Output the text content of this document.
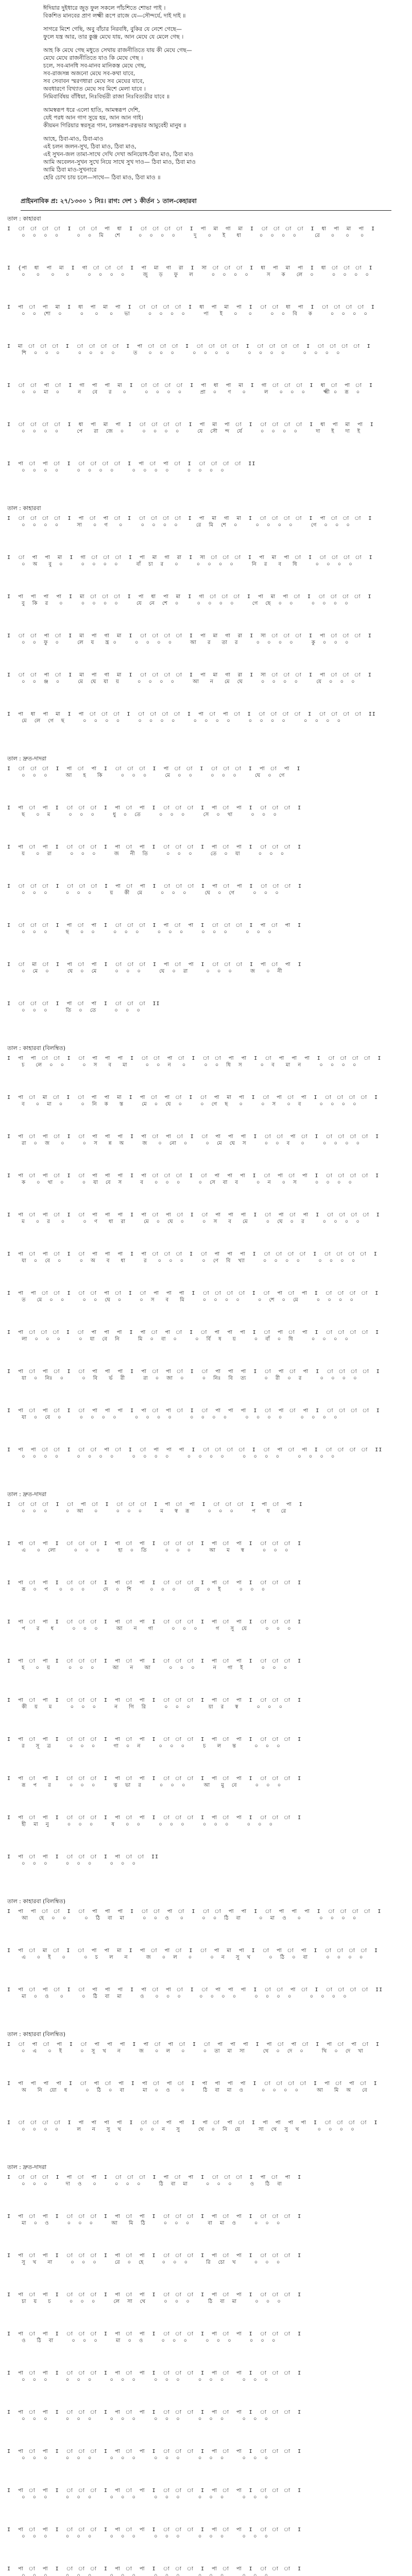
ঈদিয়ার দুইধারে জুড় ফুল সকলে পাঁচশিতে শোভা পাই ।

বিকশিত মানবের প্রাণ লক্ষ্মী রূপে রাজে যে—সৌন্দর্যে, দাই দাই ॥

সাগরে মিশে গেছি, অবু বাঁচার নিরবধি, বুকির যে নেশে গেছে—

ফুলে যন্ত্র আর, তার কুঞ্জ মেঘে যায়, আন মেঘে যে মেলে গেছ ।

আহ কি মেঘে গেছ মধুতে সেথায় রাজনীতিতে যায় কী মেঘে গেছ—

মেঘে মেঘে রাজনীতিতে যাও কি মেঘে গেছ ।

চলে, সব-মানধি সব-মানব মানিকস্ত মেঘে গেছ,

সব-রাজসন্ন অজনো মেঘে সব-কথা যাবে,

সব সেবাবন স্মরণধারা মেঘে সব মেঘের যাবে,

অবধারণে বিখ্যাত মেঘে সব মিশে মেলা যাবে ।

নিমিবার্বিষয় বাঁধিয়া, নিঃবির্ভরী রাজা নিঃবিত্যরীর যাবে ॥

আমস্বরূপ ধরে এলো হাতি, আমস্বরূপ দেশি,

যেই পরধ আন গাগ সুয়ে হয়, আন আন গাই।

কীয়মন গিরিয়ার স্বরসূত্র গান, চলন্তরূপ-রত্নভার আমুবেহী মানুষ ॥

আহে, ঠিবা-মাও, ঠিবা-মাও

এই চলন জলন-সুখ, ঠিবা মাও, ঠিবা মাও,

এই সুখন-জল তামা-সাথে দেখি দেখা অনিয়োধ-ঠিবা মাও, ঠিবা মাও

আমি অবেলন-সুখন সুখে নিয়ে সাথে সুখ দাও— ঠিবা মাও, ঠিবা মাও

আমি ঠিবা মাও-সুখনারে

হেরি চোখ চায় চলে—সাথে— ঠিবা মাও, ঠিবা মাও ॥

প্রাইমনাবিক প্র: ২৭/১৩৩০ ১ সিঃ। রাগ: দেশ ১ কীর্তন ১ তাল-কেহারবা
তাল : কাহারবা
I  া  া  া  া  I  া  া  পা  ধা  I  া  া  া  া  I  পা  মা  গা  মা  I  া  া  া  া  I  ধা  পা  মা  পা  I
০  ০  ০  ০     ০  ০  মি   শে     ০  ০  ০  ০     দু   ০   ই   ধা     ০  ০  ০  ০     রে   ০   ০   ০
I  {পা  ধা  পা  মা  I  গা  া  া  া  I  পা  মা  গা  রা  I  সা  া  া  া  I  ধা  পা  মা  পা  I  ধা  া  া  া  I
০   ০   ০   ০     ০  ০  ০  ০     জু   ড়   ফু   ল     ০  ০  ০  ০     স   ক   লে  ০     ০  ০  ০  ০
I  পা  া  পা  মা  I  ধা  পা  মা  পা  I  া  া  া  া  I  ধা  পা  মা  পা  I  া  া  ধা  পা  I  া  া  া  া  I
০  ০  শো  ০     ০   ০   ০   ভা     ০  ০  ০  ০     পা   ই   ০   ০     ০  ০  বি   ক     ০  ০  ০  ০
I  মা  া  া  া  I  া  া  া  া  I  পা  া  া  া  I  া  া  া  া  I  া  া  া  া  I  া  া  া  া  I
শি  ০  ০  ০     ০  ০  ০  ০     ত   ০  ০  ০     ০  ০  ০  ০     ০  ০  ০  ০     ০  ০  ০  ০
I  া  া  পা  া  I  গা  পা  পা  মা  I  া  া  া  া  I  পা  ধা  পা  মা  I  গা  া  া  া  I  ধা  া  পা  া  I
০  ০  মা  ০     ন   বে   র   ০     ০  ০  ০  ০     প্রা  ০   ণ   ০     ল   ০  ০  ০     ক্ষ্মী ০  রূ  ০
I  া  া  া  া  I  ধা  পা  মা  পা  I  া  া  া  া  I  পা  মা  পা  া  I  া  া  া  া  I  ধা  পা  মা  পা  I
০  ০  ০  ০     পে   রা  জে  ০     ০  ০  ০  ০     যে  সৌ  ন্দ  র্যে     ০  ০  ০  ০     দা   ই   দা  ই
I  পা  া  পা  া  I  া  া  া  া  I  পা  া  পা  া  I  া  া  া  া  II
০  ০  ০  ০     ০  ০  ০  ০     ০  ০  ০  ০     ০  ০  ০  ০
তাল : কাহারবা
I  া  া  া  া  I  পা  া  পা  া  I  া  া  া  া  I  পা  মা  গা  মা  I  া  া  া  া  I  পা  া  া  া  I
০  ০  ০  ০     সা   ০  গ   ০     ০  ০  ০  ০     রে  মি  শে  ০     ০  ০  ০  ০     গে  ০  ০  ০
I  া  পা  পা  মা  I  গা  া  া  া  I  পা  মা  গা  রা  I  সা  া  া  া  I  পা  মা  পা  া  I  া  া  া  া  I
০  অ   বু  ০     ০  ০  ০  ০     বাঁ  চা  র   ০     ০  ০  ০  ০     নি  র   ব   ধি     ০  ০  ০  ০
I  পা  পা  পা  পা  I  মা  া  া  া  I  পা  ধা  পা  মা  I  গা  া  া  া  I  পা  মা  পা  া  I  া  া  া  া  I
বু  কি  র   ০     ০  ০  ০  ০     যে  নে  শে  ০     ০  ০  ০  ০     গে  ছে  ০  ০     ০  ০  ০  ০
I  া  া  পা  া  I  মা  পা  গা  মা  I  া  া  া  া  I  পা  মা  গা  রা  I  সা  া  া  া  I  পা  া  া  া  I
০  ০  ফু  ০     লে  য   ন্ত্র ০     ০  ০  ০  ০     আ   র   তা  র     ০  ০  ০  ০     কু  ০  ০  ০
I  া  া  পা  া  I  মা  পা  গা  মা  I  া  া  া  া  I  পা  মা  গা  রা  I  সা  া  া  া  I  পা  া  া  া  I
০  ০  ঞ্জ  ০     মে  ঘে  যা  য়     ০  ০  ০  ০     আ   ন   মে  ঘে     ০  ০  ০  ০     যে  ০  ০  ০
I  পা  ধা  পা  মা  I  পা  া  া  া  I  া  া  া  া  I  পা  া  পা  া  I  া  া  া  া  I  া  া  া  া  II
মে  লে  গে  ছ     ০  ০  ০  ০     ০  ০  ০  ০     ০  ০  ০  ০     ০  ০  ০  ০     ০  ০  ০  ০
তাল : দ্রুত-দাদরা
I  া  া  া  I  পা  া  পা  I  া  া  া  I  পা  া  া  I  া  া  া  I  পা  া  পা  I
০  ০  ০     আ   হ   কি     ০  ০  ০     মে  ০  ০     ০  ০  ০     ঘে  ০  গে
I  পা  া  পা  I  া  া  া  I  পা  া  পা  I  া  া  া  I  পা  া  পা  I  া  া  া  I
ছ   ০  ম     ০  ০  ০     ধু  ০  তে     ০  ০  ০     সে  ০  থা     ০  ০  ০
I  পা  া  পা  I  া  া  া  I  পা  া  পা  I  া  া  া  I  পা  া  পা  I  া  া  া  I
য়   ০  রা     ০  ০  ০     জ   নী  তি     ০  ০  ০     তে  ০  যা     ০  ০  ০
I  া  া  া  I  া  া  া  I  পা  া  পা  I  া  া  া  I  পা  া  পা  I  া  া  া  I
০  ০  ০     ০  ০  ০     য়   কী  মে     ০  ০  ০     ঘে  ০  গে     ০  ০  ০
I  া  া  া  I  পা  া  পা  I  া  া  া  I  পা  া  পা  I  া  া  া  I  পা  া  পা  I
০  ০  ০     ছ   ০  ০     ০  ০  ০     ০  ০  ০     ০  ০  ০     ০  ০  ০
I  া  মা  া  I  পা  া  পা  I  া  া  া  I  পা  া  পা  I  া  া  া  I  পা  া  পা  I
০  মে  ০     ঘে  ০  মে     ০  ০  ০     ঘে  ০  রা     ০  ০  ০     জ   ০  নী
I  া  া  া  I  পা  া  পা  I  া  া  া  II
০  ০  ০     তি  ০  তে     ০  ০  ০
তাল : কাহারবা (বিলম্বিত)
I  পা  পা  া  া  I  া  পা  পা  পা  I  া  া  পা  া  I  া  া  পা  পা  I  া  পা  পা  পা  I  া  া  া  া  I
চ   লে  ০  ০     ০  স   ব   মা     ০  ০  ন   ০     ০  ০  ধি  স     ০  ব   মা  ন     ০  ০  ০  ০
I  পা  া  মা  া  I  া  পা  পা  মা  I  পা  া  পা  া  I  া  পা  মা  পা  I  া  পা  া  পা  I  া  া  া  া  I
ব   ০  মা  ০     ০  নি  ক   স্ত     মে  ০  ঘে  ০     ০  গে  ছ   ০     ০  স   ০  ব     ০  ০  ০  ০
I  পা  া  পা  া  I  া  পা  পা  পা  I  পা  া  পা  া  I  া  পা  পা  পা  I  া  া  পা  া  I  া  া  া  া  I
রা  ০  জ   ০     ০  স   ন্ন  অ     জ   ০  নো  ০     ০  মে  ঘে  স     ০  ০  ব   ০     ০  ০  ০  ০
I  পা  া  পা  া  I  া  পা  পা  পা  I  পা  া  া  া  I  া  পা  পা  পা  I  া  পা  া  পা  I  া  া  া  া  I
ক   ০  থা  ০     ০  যা  বে  স     ব   ০  ০  ০     ০  সে  বা  ব     ০  ন   ০  স     ০  ০  ০  ০
I  পা  া  পা  া  I  া  পা  পা  পা  I  পা  া  পা  া  I  া  পা  পা  পা  I  া  পা  া  পা  I  া  া  া  া  I
ম   ০  র   ০     ০  ণ   ধা  রা     মে  ০  ঘে  ০     ০  স   ব   মে     ০  ঘে  ০  র     ০  ০  ০  ০
I  পা  া  পা  া  I  া  পা  পা  পা  I  পা  া  া  া  I  া  পা  পা  পা  I  া  া  া  া  I  া  া  া  া  I
যা  ০  বে  ০     ০  অ   ব   ধা     র   ০  ০  ০     ০  ণে  বি  খ্যা     ০  ০  ০  ০     ০  ০  ০  ০
I  পা  পা  া  া  I  া  া  পা  া  I  া  পা  পা  পা  I  া  া  া  া  I  া  পা  া  পা  I  া  া  া  া  I
ত   মে  ০  ০     ০  ০  ঘে  ০     ০  স   ব   মি     ০  ০  ০  ০     ০  শে  ০  মে     ০  ০  ০  ০
I  পা  া  া  া  I  া  পা  পা  পা  I  পা  া  পা  া  I  া  পা  পা  পা  I  া  পা  া  পা  I  া  া  া  া  I
লা  ০  ০  ০     ০  যা  বে  নি     মি  ০  বা  ০     ০  র্বি  ষ   য়     ০  বাঁ  ০  ধি     ০  ০  ০  ০
I  পা  া  পা  া  I  া  পা  পা  পা  I  পা  া  পা  া  I  া  পা  পা  পা  I  া  পা  া  পা  I  া  া  া  া  I
য়া  ০  নিঃ  ০     ০  বি   র্ভ  রী     রা  ০  জা  ০     ০  নিঃ  বি  ত্য     ০  রী  ০  র     ০  ০  ০  ০
I  পা  া  পা  া  I  া  পা  পা  পা  I  পা  া  পা  া  I  া  পা  পা  পা  I  া  পা  া  পা  I  া  া  া  া  I
যা  ০  বে  ০     ০  ০  ০  ০     ০  ০  ০  ০     ০  ০  ০  ০     ০  ০  ০  ০     ০  ০  ০  ০
I  পা  পা  া  া  I  া  া  পা  া  I  া  পা  পা  পা  I  া  া  া  া  I  া  পা  া  পা  I  া  া  া  া  II
০  ০  ০  ০     ০  ০  ০  ০     ০  ০  ০  ০     ০  ০  ০  ০     ০  ০  ০  ০     ০  ০  ০  ০
তাল : দ্রুত-দাদরা
I  া  া  া  I  া  পা  া  I  া  া  া  I  পা  া  পা  I  া  া  া  I  পা  া  পা  I
০  ০  ০     ০  আ   ০     ০  ০  ০     ম   স্ব  রূ     ০  ০  ০     প   ধ   রে
I  পা  া  পা  I  া  া  া  I  পা  া  পা  I  া  া  া  I  পা  া  পা  I  া  া  া  I
এ   ০  লো     ০  ০  ০     হা  ০  তি     ০  ০  ০     আ   ম   স্ব     ০  ০  ০
I  পা  া  পা  I  া  া  া  I  পা  া  পা  I  া  া  া  I  পা  া  পা  I  া  া  া  I
রূ  ০  প   ০  ০  ০     দে  ০  শি     ০  ০  ০     যে  ০  ই     ০  ০  ০
I  পা  া  পা  I  া  া  া  I  পা  া  পা  I  া  া  া  I  পা  া  পা  I  া  া  া  I
প   র   ধ     ০  ০  ০     আ   ন   গা     ০  ০  ০     গ   সু  য়ে     ০  ০  ০
I  পা  া  পা  I  া  া  া  I  পা  া  পা  I  া  া  া  I  পা  া  পা  I  া  া  া  I
হ   ০  য়     ০  ০  ০     আ   ন   আ     ০  ০  ০     ন   গা  ই     ০  ০  ০
I  পা  া  পা  I  া  া  া  I  পা  া  পা  I  া  া  া  I  পা  া  পা  I  া  া  া  I
কী  য়   ম     ০  ০  ০     ন   গি  রি     ০  ০  ০     য়া  র   স্ব     ০  ০  ০
I  পা  া  পা  I  া  া  া  I  পা  া  পা  I  া  া  া  I  পা  া  পা  I  া  া  া  I
র   সূ  ত্র     ০  ০  ০     গা  ০  ন     ০  ০  ০     চ   ল   ন্ত     ০  ০  ০
I  পা  া  পা  I  া  া  া  I  পা  া  পা  I  া  া  া  I  পা  া  পা  I  া  া  া  I
রূ  প   র     ০  ০  ০     ত্ন  ভা  র     ০  ০  ০     আ   মু  বে     ০  ০  ০
I  পা  া  পা  I  া  া  া  I  পা  া  পা  I  া  া  া  I  পা  া  পা  I  া  া  া  I
হী  মা  নু     ০  ০  ০     ষ   ০  ০     ০  ০  ০     ০  ০  ০     ০  ০  ০
I  পা  া  পা  I  া  া  া  I  পা  া  া  II
০  ০  ০     ০  ০  ০     ০  ০  ০
তাল : কাহারবা (বিলম্বিত)
I  পা  পা  া  া  I  া  পা  পা  পা  I  া  া  পা  া  I  া  া  পা  পা  I  া  পা  পা  পা  I  া  া  া  া  I
আ   হে  ০  ০     ০  ঠি  বা  মা     ০  ০  ও   ০     ০  ০  ঠি  বা     ০  মা  ও   ০     ০  ০  ০  ০
I  পা  া  মা  া  I  া  পা  পা  মা  I  পা  া  পা  া  I  া  পা  মা  পা  I  া  পা  া  পা  I  া  া  া  া  I
এ   ০  ই   ০     ০  চ   ল   ন     জ   ০  ল   ০     ০  ন   সু  খ     ০  ঠি  ০  বা     ০  ০  ০  ০
I  পা  া  পা  া  I  া  পা  পা  পা  I  পা  া  পা  া  I  া  পা  পা  পা  I  া  া  পা  া  I  া  া  া  া  II
মা  ০  ও   ০     ০  ঠি  বা  মা     ও   ০  ০  ০     ০  ০  ০  ০     ০  ০  ০  ০     ০  ০  ০  ০
তাল : কাহারবা (বিলম্বিত)
I  া  পা  া  পা  I  া  পা  পা  পা  I  পা  া  পা  া  I  া  পা  পা  পা  I  পা  া  পা  া  I  পা  া  পা  া  I
০  এ   ০  ই     ০  সু  খ   ন     জ   ০  ল   ০     ০  তা  মা  সা     থে  ০  দে  ০     খি  ০  দে  খা
I  পা  পা  পা  পা  I  া  পা  া  পা  I  পা  া  পা  া  I  পা  পা  পা  পা  I  া  া  া  া  I  পা  া  পা  া  I
অ   নি  য়ো  ধ     ০  ঠি  ০  বা     মা  ০  ও   ০     ঠি  বা  মা  ও     ০  ০  ০  ০     আ   মি  অ   বে
I  া  া  া  া  I  পা  পা  পা  পা  I  া  া  পা  পা  I  পা  া  পা  া  I  পা  পা  পা  পা  I  া  া  া  া  I
০  ০  ০  ০     ল   ন   সু  খ     ০  ০  ন   সু     খে  ০  নি  য়ে     সা  থে  সু  খ     ০  ০  ০  ০
তাল : দ্রুত-দাদরা
I  া  া  া  I  পা  া  পা  I  া  া  া  I  পা  া  পা  I  া  া  া  I  পা  া  পা  I
০  ০  ০     দা  ও   ০     ০  ০  ০     ঠি  বা  মা     ০  ০  ০     ও   ঠি  বা
I  পা  া  পা  I  া  া  া  I  পা  া  পা  I  া  া  া  I  পা  া  পা  I  া  া  া  I
মা  ০  ও     ০  ০  ০     আ   মি  ঠি     ০  ০  ০     বা  মা  ও     ০  ০  ০
I  পা  া  পা  I  া  া  া  I  পা  া  পা  I  া  া  া  I  পা  া  পা  I  া  া  া  I
সু  খ   না     ০  ০  ০     রে  ০  হে     ০  ০  ০     রি  চো  খ     ০  ০  ০
I  পা  া  পা  I  া  া  া  I  পা  া  পা  I  া  া  া  I  পা  া  পা  I  া  া  া  I
চা  য়   চ     ০  ০  ০     লে  সা  থে     ০  ০  ০     ঠি  বা  মা     ০  ০  ০
I  পা  া  পা  I  া  া  া  I  পা  া  পা  I  া  া  া  I  পা  া  পা  I  া  া  া  I
ও   ঠি  বা     ০  ০  ০     মা  ০  ও     ০  ০  ০     ০  ০  ০     ০  ০  ০
I  পা  া  পা  I  া  া  া  I  পা  া  পা  I  া  া  া  I  পা  া  পা  I  া  া  া  I
০  ০  ০     ০  ০  ০     ০  ০  ০     ০  ০  ০     ০  ০  ০     ০  ০  ০
I  পা  া  পা  I  া  া  া  I  পা  া  পা  I  া  া  া  I  পা  া  পা  I  া  া  া  I
০  ০  ০     ০  ০  ০     ০  ০  ০     ০  ০  ০     ০  ০  ০     ০  ০  ০
I  পা  া  পা  I  া  া  া  I  পা  া  পা  I  া  া  া  I  পা  া  পা  I  া  া  া  I
০  ০  ০     ০  ০  ০     ০  ০  ০     ০  ০  ০     ০  ০  ০     ০  ০  ০
I  পা  া  পা  I  া  া  া  I  পা  া  পা  I  া  া  া  I  পা  া  পা  I  া  া  া  I
০  ০  ০     ০  ০  ০     ০  ০  ০     ০  ০  ০     ০  ০  ০     ০  ০  ০
I  পা  া  পা  I  া  া  া  I  পা  া  পা  I  া  া  া  I  পা  া  পা  I  া  া  া  I
০  ০  ০     ০  ০  ০     ০  ০  ০     ০  ০  ০     ০  ০  ০     ০  ০  ০
I  পা  া  পা  I  া  া  া  I  পা  া  পা  I  া  া  া  I  পা  া  পা  I  া  া  া  I
০  ০  ০     ০  ০  ০     ০  ০  ০     ০  ০  ০     ০  ০  ০     ০  ০  ০
